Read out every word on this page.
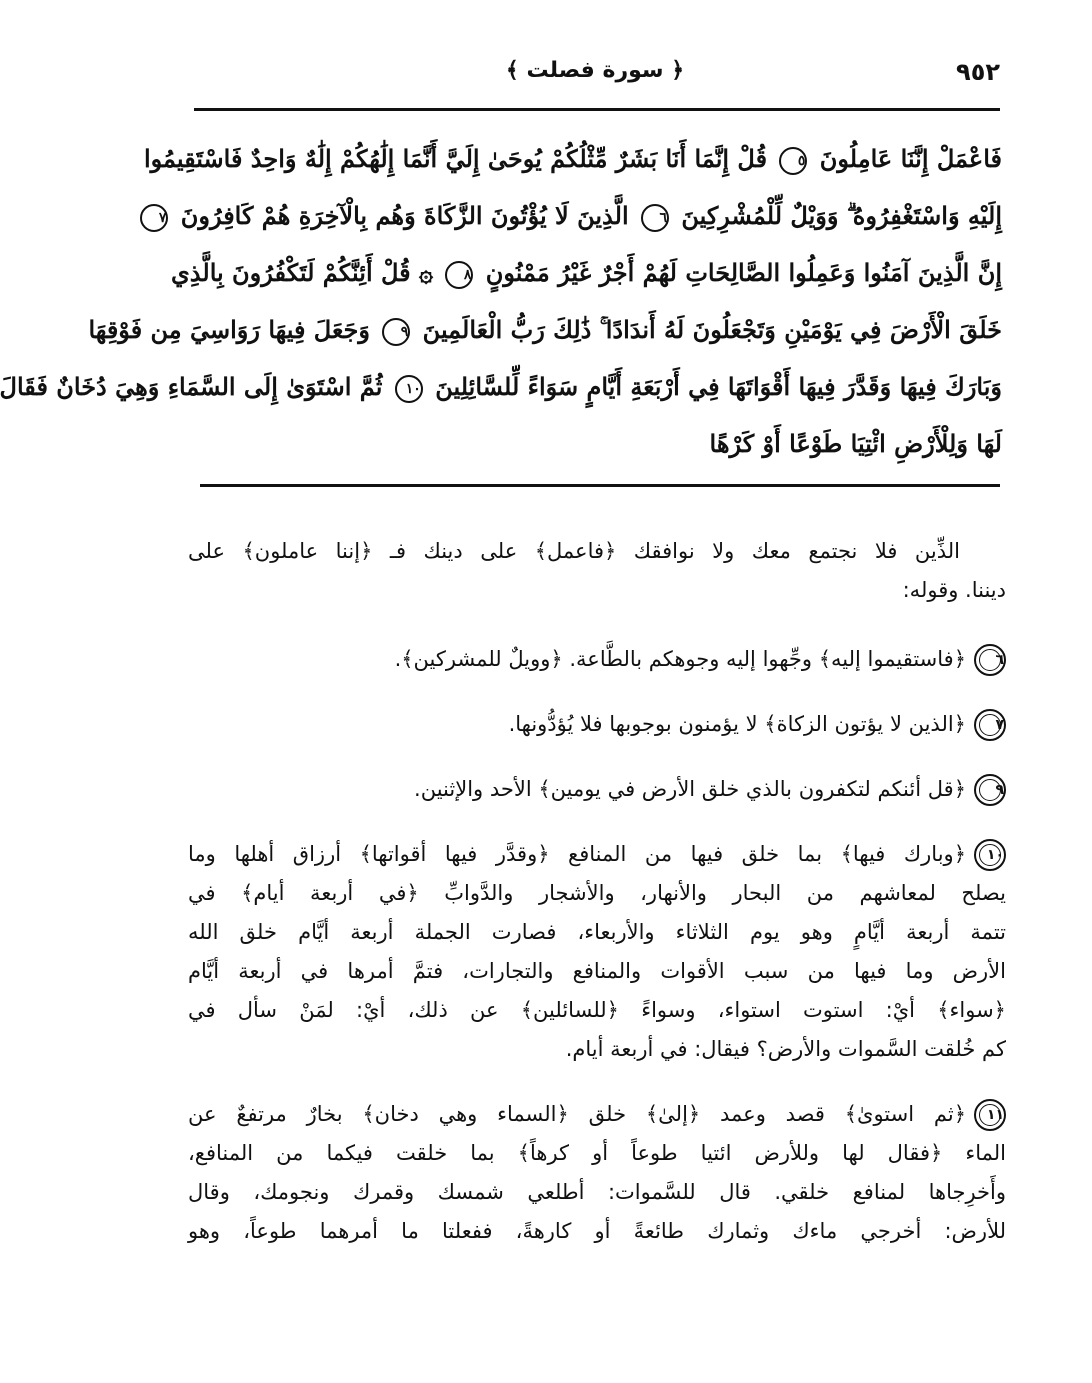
٩٥٢
﴿ سورة فصلت ﴾
فَاعْمَلْ إِنَّنَا عَامِلُونَ ٥ قُلْ إِنَّمَا أَنَا بَشَرٌ مِّثْلُكُمْ يُوحَىٰ إِلَيَّ أَنَّمَا إِلَٰهُكُمْ إِلَٰهٌ وَاحِدٌ فَاسْتَقِيمُوا
إِلَيْهِ وَاسْتَغْفِرُوهُ ۗ وَوَيْلٌ لِّلْمُشْرِكِينَ ٦ الَّذِينَ لَا يُؤْتُونَ الزَّكَاةَ وَهُم بِالْآخِرَةِ هُمْ كَافِرُونَ ٧
إِنَّ الَّذِينَ آمَنُوا وَعَمِلُوا الصَّالِحَاتِ لَهُمْ أَجْرٌ غَيْرُ مَمْنُونٍ ٨ ۞ قُلْ أَئِنَّكُمْ لَتَكْفُرُونَ بِالَّذِي
خَلَقَ الْأَرْضَ فِي يَوْمَيْنِ وَتَجْعَلُونَ لَهُ أَندَادًا ۚ ذَٰلِكَ رَبُّ الْعَالَمِينَ ٩ وَجَعَلَ فِيهَا رَوَاسِيَ مِن فَوْقِهَا
وَبَارَكَ فِيهَا وَقَدَّرَ فِيهَا أَقْوَاتَهَا فِي أَرْبَعَةِ أَيَّامٍ سَوَاءً لِّلسَّائِلِينَ ١٠ ثُمَّ اسْتَوَىٰ إِلَى السَّمَاءِ وَهِيَ دُخَانٌ فَقَالَ
لَهَا وَلِلْأَرْضِ ائْتِيَا طَوْعًا أَوْ كَرْهًا
الذِّين فلا نجتمع معك ولا نوافقك ﴿فاعمل﴾ على دينك فـ ﴿إننا عاملون﴾ على
ديننا. وقوله:
٦﴿فاستقيموا إليه﴾ وجِّهوا إليه وجوهكم بالطَّاعة. ﴿وويلٌ للمشركين﴾.
٧﴿الذين لا يؤتون الزكاة﴾ لا يؤمنون بوجوبها فلا يُؤدُّونها.
٩﴿قل أئنكم لتكفرون بالذي خلق الأرض في يومين﴾ الأحد والإثنين.
١٠﴿وبارك فيها﴾ بما خلق فيها من المنافع ﴿وقدَّر فيها أقواتها﴾ أرزاق أهلها وما
يصلح لمعاشهم من البحار والأنهار، والأشجار والدَّوابِّ ﴿في أربعة أيام﴾ في
تتمة أربعة أيَّامٍ وهو يوم الثلاثاء والأربعاء، فصارت الجملة أربعة أيَّام خلق الله
الأرض وما فيها من سبب الأقوات والمنافع والتجارات، فتمَّ أمرها في أربعة أيَّام
﴿سواء﴾ أيْ: استوت استواء، وسواءً ﴿للسائلين﴾ عن ذلك، أيْ: لمَنْ سأل في
كم خُلقت السَّموات والأرض؟ فيقال: في أربعة أيام.
١١﴿ثم استوىٰ﴾ قصد وعمد ﴿إلىٰ﴾ خلق ﴿السماء وهي دخان﴾ بخارٌ مرتفعٌ عن
الماء ﴿فقال لها وللأرض ائتيا طوعاً أو كرهاً﴾ بما خلقت فيكما من المنافع،
وأَخرِجاها لمنافع خلقي. قال للسَّموات: أطلعي شمسك وقمرك ونجومك، وقال
للأرض: أخرجي ماءك وثمارك طائعةً أو كارهةً، ففعلتا ما أمرهما طوعاً، وهو
